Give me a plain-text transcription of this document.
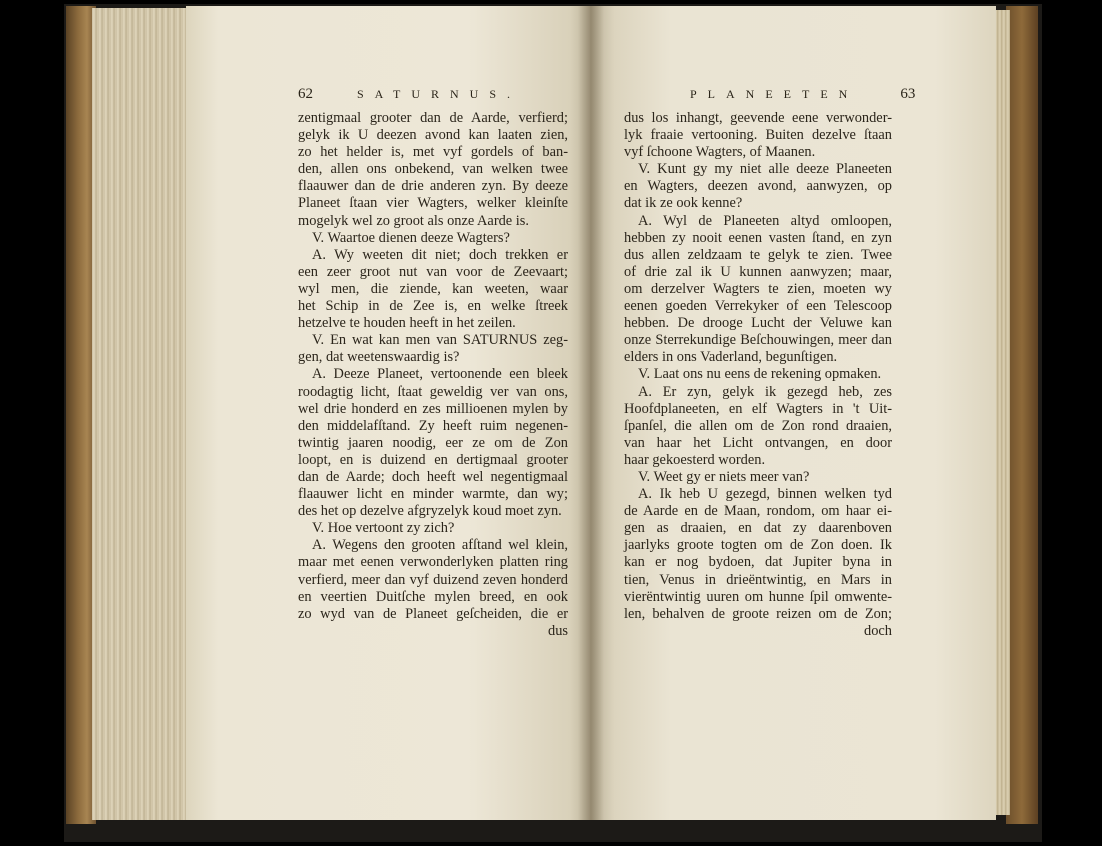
62	SATURNUS.	PLANEETEN	63
zentigmaal grooter dan de Aarde, verfierd;
gelyk ik U deezen avond kan laaten zien,
zo het helder is, met vyf gordels of ban-
den, allen ons onbekend, van welken twee
flaauwer dan de drie anderen zyn. By deeze
Planeet ſtaan vier Wagters, welker kleinſte
mogelyk wel zo groot als onze Aarde is.
V. Waartoe dienen deeze Wagters?
A. Wy weeten dit niet; doch trekken er
een zeer groot nut van voor de Zeevaart;
wyl men, die ziende, kan weeten, waar
het Schip in de Zee is, en welke ſtreek
hetzelve te houden heeft in het zeilen.
V. En wat kan men van SATURNUS zeg-
gen, dat weetenswaardig is?
A. Deeze Planeet, vertoonende een bleek
roodagtig licht, ſtaat geweldig ver van ons,
wel drie honderd en zes millioenen mylen by
den middelafſtand. Zy heeft ruim negenen-
twintig jaaren noodig, eer ze om de Zon
loopt, en is duizend en dertigmaal grooter
dan de Aarde; doch heeft wel negentigmaal
flaauwer licht en minder warmte, dan wy;
des het op dezelve afgryzelyk koud moet zyn.
V. Hoe vertoont zy zich?
A. Wegens den grooten afſtand wel klein,
maar met eenen verwonderlyken platten ring
verfierd, meer dan vyf duizend zeven honderd
en veertien Duitſche mylen breed, en ook
zo wyd van de Planeet geſcheiden, die er
dus
dus los inhangt, geevende eene verwonder-
lyk fraaie vertooning. Buiten dezelve ſtaan
vyf ſchoone Wagters, of Maanen.
V. Kunt gy my niet alle deeze Planeeten
en Wagters, deezen avond, aanwyzen, op
dat ik ze ook kenne?
A. Wyl de Planeeten altyd omloopen,
hebben zy nooit eenen vasten ſtand, en zyn
dus allen zeldzaam te gelyk te zien. Twee
of drie zal ik U kunnen aanwyzen; maar,
om derzelver Wagters te zien, moeten wy
eenen goeden Verrekyker of een Telescoop
hebben. De drooge Lucht der Veluwe kan
onze Sterrekundige Beſchouwingen, meer dan
elders in ons Vaderland, begunſtigen.
V. Laat ons nu eens de rekening opmaken.
A. Er zyn, gelyk ik gezegd heb, zes
Hoofdplaneeten, en elf Wagters in 't Uit-
ſpanſel, die allen om de Zon rond draaien,
van haar het Licht ontvangen, en door
haar gekoesterd worden.
V. Weet gy er niets meer van?
A. Ik heb U gezegd, binnen welken tyd
de Aarde en de Maan, rondom, om haar ei-
gen as draaien, en dat zy daarenboven
jaarlyks groote togten om de Zon doen. Ik
kan er nog bydoen, dat Jupiter byna in
tien, Venus in drieëntwintig, en Mars in
vierëntwintig uuren om hunne ſpil omwente-
len, behalven de groote reizen om de Zon;
doch
